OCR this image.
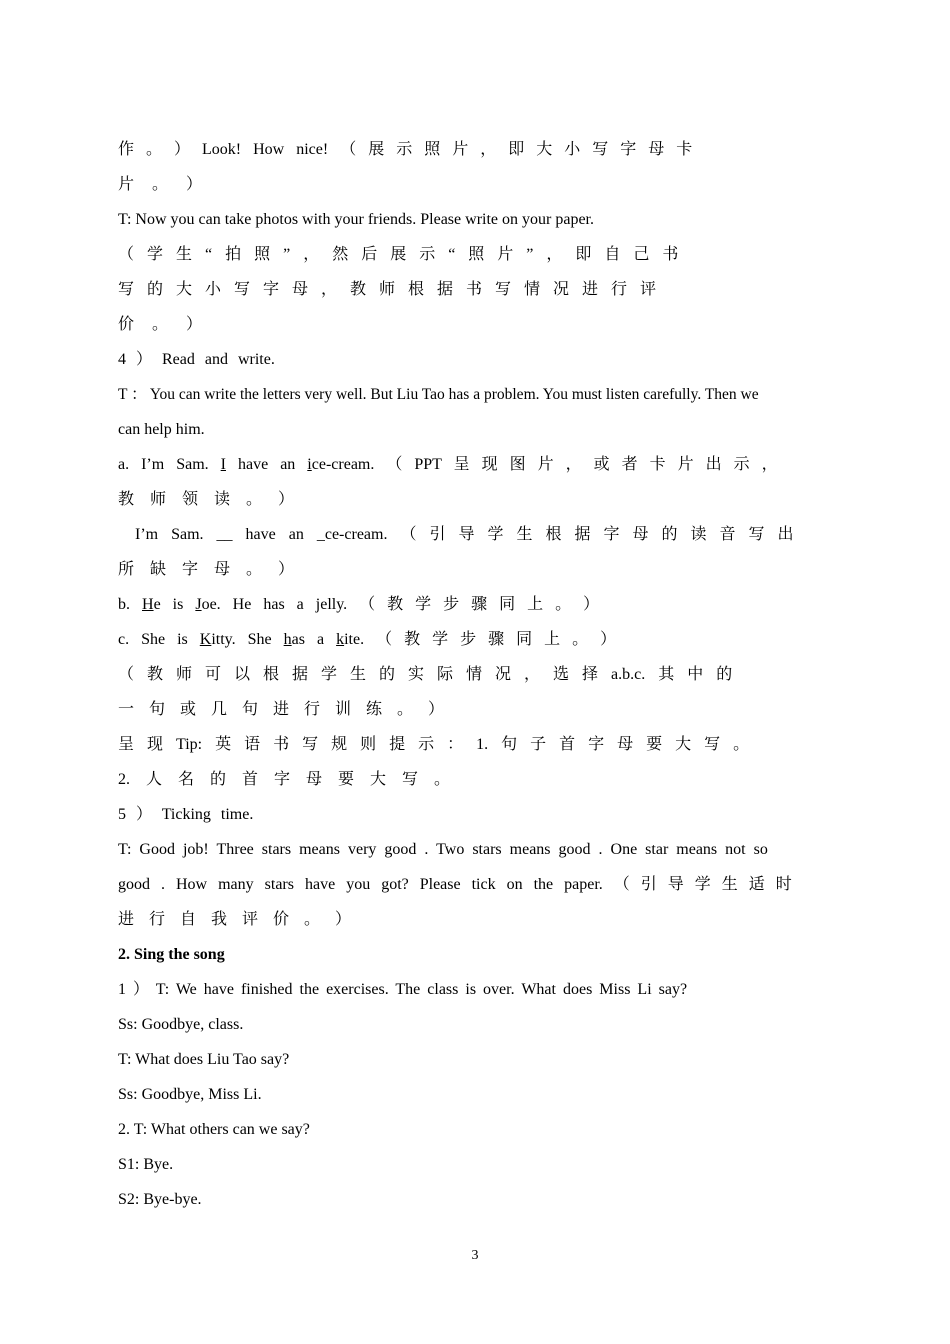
作 。 ） Look! How nice! （ 展 示 照 片 ， 即 大 小 写 字 母 卡
片 。 ）
T: Now you can take photos with your friends. Please write on your paper.
（ 学 生 “ 拍 照 ” ， 然 后 展 示 “ 照 片 ” ， 即 自 己 书
写 的 大 小 写 字 母 ， 教 师 根 据 书 写 情 况 进 行 评
价 。 ）
4 ） Read and write.
T ： You can write the letters very well. But Liu Tao has a problem. You must listen carefully. Then we
can help him.
a. I’m Sam. I have an ice-cream. （ PPT 呈 现 图 片 ， 或 者 卡 片 出 示 ，
教 师 领 读 。 ）
I’m Sam. __ have an _ce-cream. （ 引 导 学 生 根 据 字 母 的 读 音 写 出
所 缺 字 母 。 ）
b. He is Joe. He has a jelly. （ 教 学 步 骤 同 上 。 ）
c. She is Kitty. She has a kite. （ 教 学 步 骤 同 上 。 ）
（ 教 师 可 以 根 据 学 生 的 实 际 情 况 ， 选 择 a.b.c. 其 中 的
一 句 或 几 句 进 行 训 练 。 ）
呈 现 Tip: 英 语 书 写 规 则 提 示 ： 1. 句 子 首 字 母 要 大 写 。
2. 人 名 的 首 字 母 要 大 写 。
5 ） Ticking time.
T: Good job! Three stars means very good . Two stars means good . One star means not so
good . How many stars have you got? Please tick on the paper. （ 引 导 学 生 适 时
进 行 自 我 评 价 。 ）
2. Sing the song
1 ） T: We have finished the exercises. The class is over. What does Miss Li say?
Ss: Goodbye, class.
T: What does Liu Tao say?
Ss: Goodbye, Miss Li.
2. T: What others can we say?
S1: Bye.
S2: Bye-bye.
3
